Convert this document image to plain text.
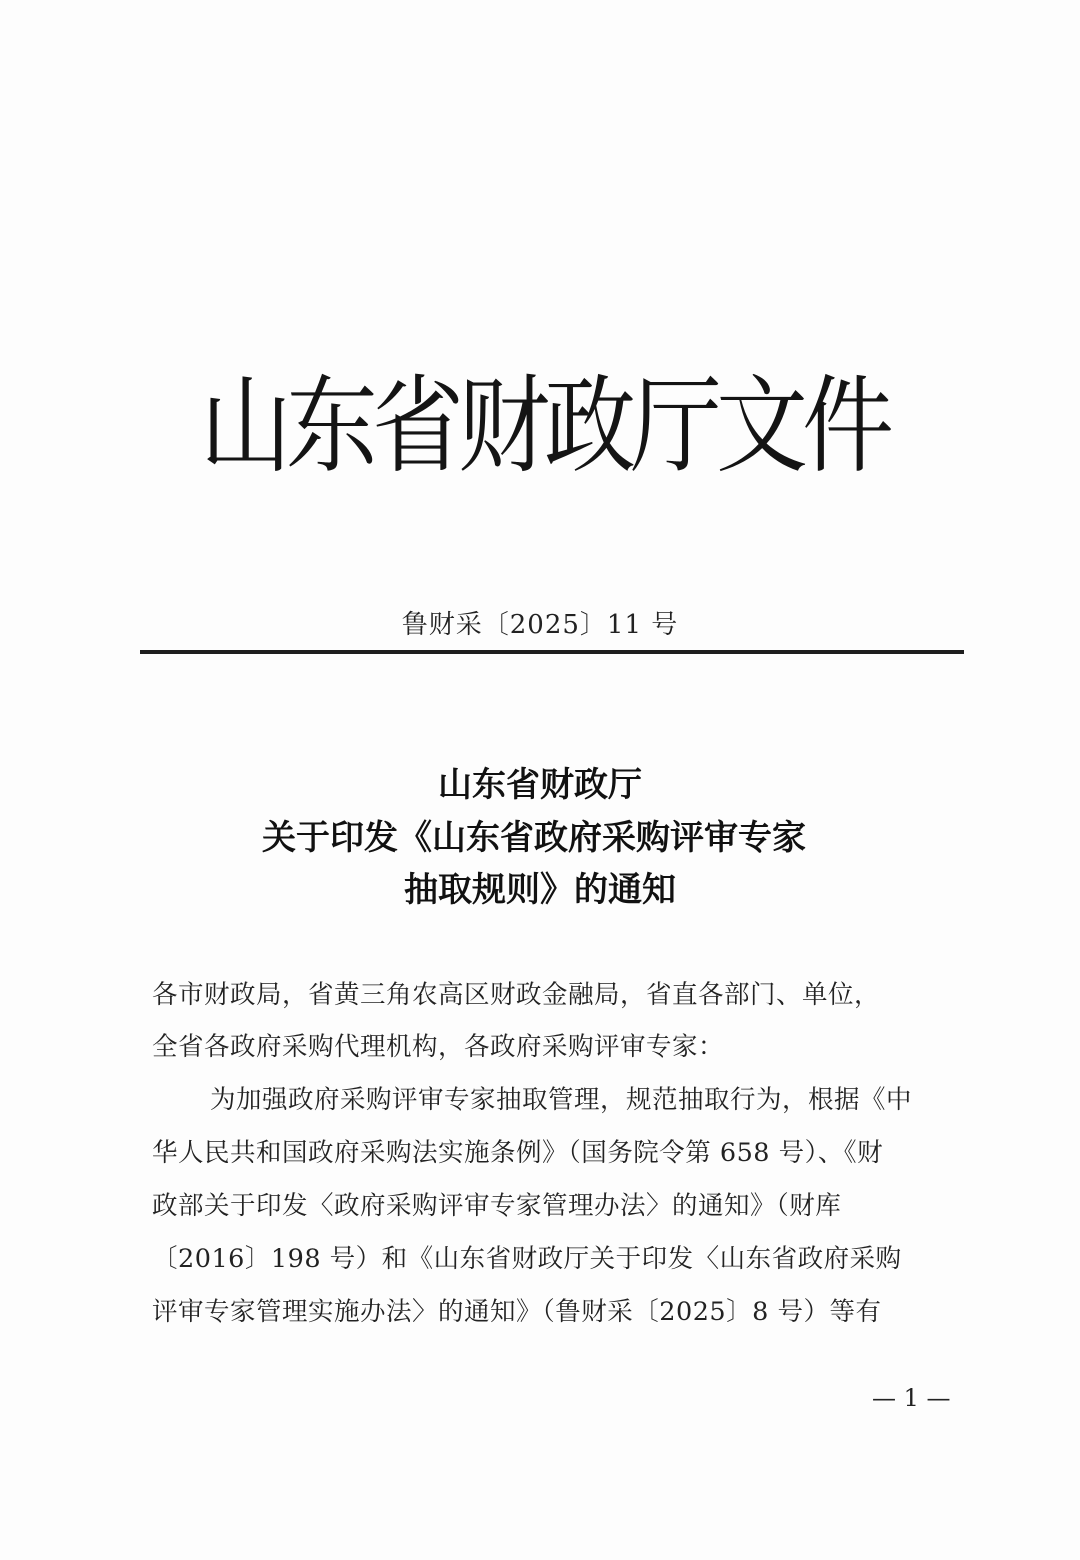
山东省财政厅文件
鲁财采〔2025〕11 号
山东省财政厅
关于印发《山东省政府采购评审专家
抽取规则》的通知
各市财政局，省黄三角农高区财政金融局，省直各部门、单位，
全省各政府采购代理机构，各政府采购评审专家：
为加强政府采购评审专家抽取管理，规范抽取行为，根据《中
华人民共和国政府采购法实施条例》（国务院令第 658 号）、《财
政部关于印发〈政府采购评审专家管理办法〉的通知》（财库
〔2016〕198 号）和《山东省财政厅关于印发〈山东省政府采购
评审专家管理实施办法〉的通知》（鲁财采〔2025〕8 号）等有
— 1 —
